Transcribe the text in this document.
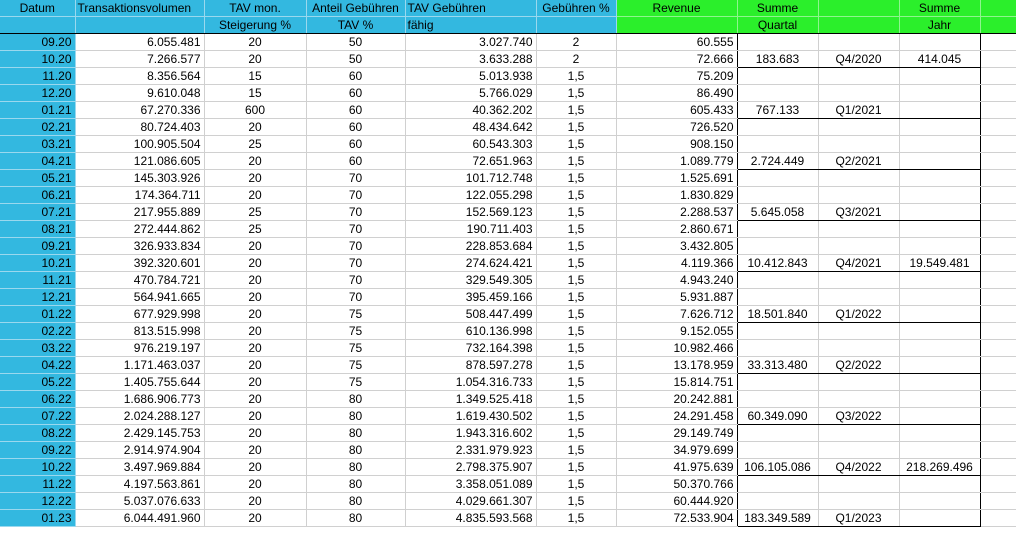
Datum	Transaktionsvolumen	TAV mon.	Anteil Gebühren	TAV Gebühren	Gebühren %	Revenue	Summe		Summe	
		Steigerung %	TAV %	fähig			Quartal		Jahr	
09.20	6.055.481	20	50	3.027.740	2	60.555				
10.20	7.266.577	20	50	3.633.288	2	72.666	183.683	Q4/2020	414.045	
11.20	8.356.564	15	60	5.013.938	1,5	75.209				
12.20	9.610.048	15	60	5.766.029	1,5	86.490				
01.21	67.270.336	600	60	40.362.202	1,5	605.433	767.133	Q1/2021		
02.21	80.724.403	20	60	48.434.642	1,5	726.520				
03.21	100.905.504	25	60	60.543.303	1,5	908.150				
04.21	121.086.605	20	60	72.651.963	1,5	1.089.779	2.724.449	Q2/2021		
05.21	145.303.926	20	70	101.712.748	1,5	1.525.691				
06.21	174.364.711	20	70	122.055.298	1,5	1.830.829				
07.21	217.955.889	25	70	152.569.123	1,5	2.288.537	5.645.058	Q3/2021		
08.21	272.444.862	25	70	190.711.403	1,5	2.860.671				
09.21	326.933.834	20	70	228.853.684	1,5	3.432.805				
10.21	392.320.601	20	70	274.624.421	1,5	4.119.366	10.412.843	Q4/2021	19.549.481	
11.21	470.784.721	20	70	329.549.305	1,5	4.943.240				
12.21	564.941.665	20	70	395.459.166	1,5	5.931.887				
01.22	677.929.998	20	75	508.447.499	1,5	7.626.712	18.501.840	Q1/2022		
02.22	813.515.998	20	75	610.136.998	1,5	9.152.055				
03.22	976.219.197	20	75	732.164.398	1,5	10.982.466				
04.22	1.171.463.037	20	75	878.597.278	1,5	13.178.959	33.313.480	Q2/2022		
05.22	1.405.755.644	20	75	1.054.316.733	1,5	15.814.751				
06.22	1.686.906.773	20	80	1.349.525.418	1,5	20.242.881				
07.22	2.024.288.127	20	80	1.619.430.502	1,5	24.291.458	60.349.090	Q3/2022		
08.22	2.429.145.753	20	80	1.943.316.602	1,5	29.149.749				
09.22	2.914.974.904	20	80	2.331.979.923	1,5	34.979.699				
10.22	3.497.969.884	20	80	2.798.375.907	1,5	41.975.639	106.105.086	Q4/2022	218.269.496	
11.22	4.197.563.861	20	80	3.358.051.089	1,5	50.370.766				
12.22	5.037.076.633	20	80	4.029.661.307	1,5	60.444.920				
01.23	6.044.491.960	20	80	4.835.593.568	1,5	72.533.904	183.349.589	Q1/2023		
